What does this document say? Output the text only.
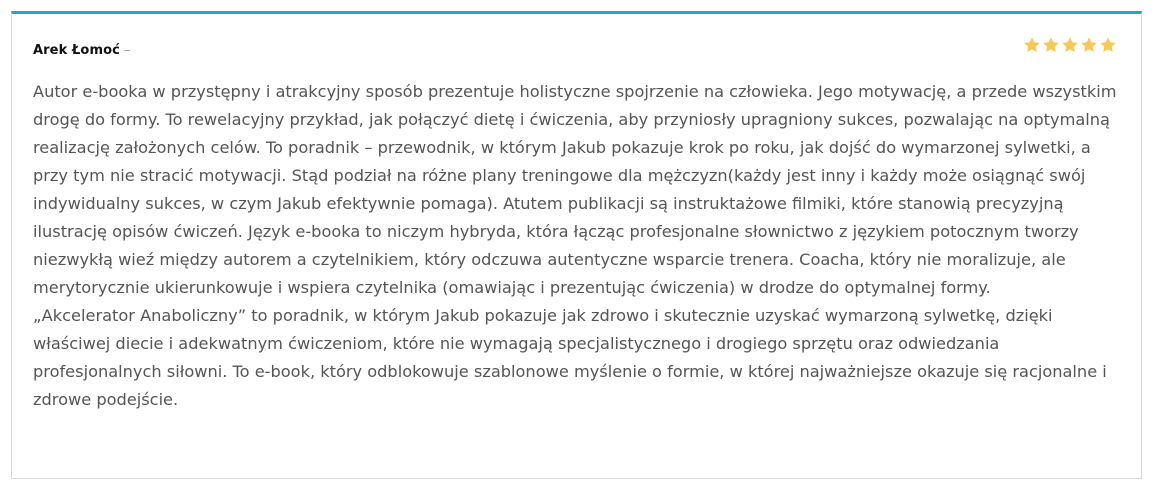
Arek Łomoć –

Autor e-booka w przystępny i atrakcyjny sposób prezentuje holistyczne spojrzenie na człowieka. Jego motywację, a przede wszystkim drogę do formy. To rewelacyjny przykład, jak połączyć dietę i ćwiczenia, aby przyniosły upragniony sukces, pozwalając na optymalną realizację założonych celów. To poradnik – przewodnik, w którym Jakub pokazuje krok po roku, jak dojść do wymarzonej sylwetki, a przy tym nie stracić motywacji. Stąd podział na różne plany treningowe dla mężczyzn(każdy jest inny i każdy może osiągnąć swój indywidualny sukces, w czym Jakub efektywnie pomaga). Atutem publikacji są instruktażowe filmiki, które stanowią precyzyjną ilustrację opisów ćwiczeń. Język e-booka to niczym hybryda, która łącząc profesjonalne słownictwo z językiem potocznym tworzy niezwykłą wieź między autorem a czytelnikiem, który odczuwa autentyczne wsparcie trenera. Coacha, który nie moralizuje, ale merytorycznie ukierunkowuje i wspiera czytelnika (omawiając i prezentując ćwiczenia) w drodze do optymalnej formy.

„Akcelerator Anaboliczny” to poradnik, w którym Jakub pokazuje jak zdrowo i skutecznie uzyskać wymarzoną sylwetkę, dzięki właściwej diecie i adekwatnym ćwiczeniom, które nie wymagają specjalistycznego i drogiego sprzętu oraz odwiedzania profesjonalnych siłowni. To e-book, który odblokowuje szablonowe myślenie o formie, w której najważniejsze okazuje się racjonalne i zdrowe podejście.
